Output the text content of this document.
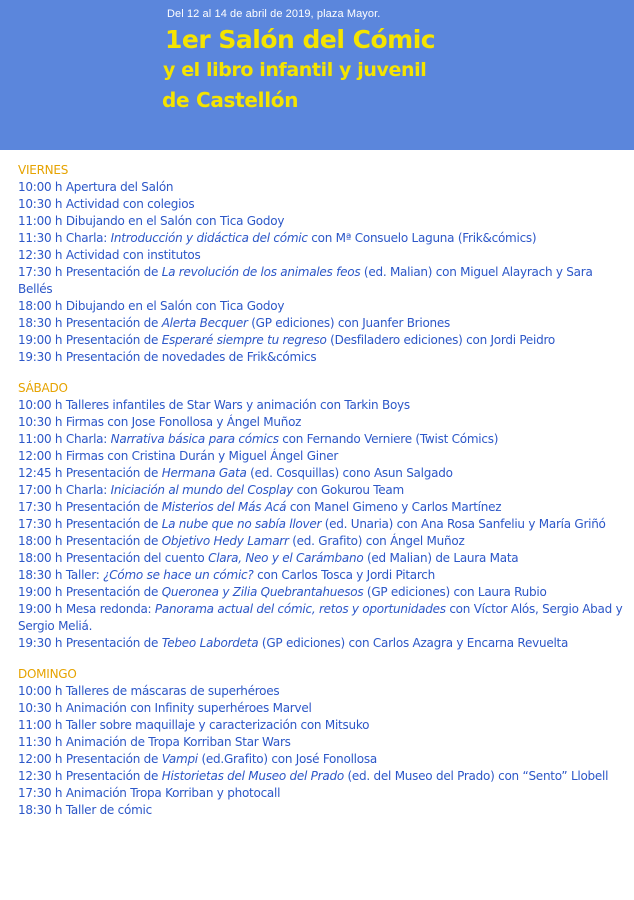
Del 12 al 14 de abril de 2019, plaza Mayor.
1er Salón del Cómic
y el libro infantil y juvenil
de Castellón
VIERNES
10:00 h Apertura del Salón
10:30 h Actividad con colegios
11:00 h Dibujando en el Salón con Tica Godoy
11:30 h Charla: Introducción y didáctica del cómic con Mª Consuelo Laguna (Frik&cómics)
12:30 h Actividad con institutos
17:30 h Presentación de La revolución de los animales feos (ed. Malian) con Miguel Alayrach y Sara Bellés
18:00 h Dibujando en el Salón con Tica Godoy
18:30 h Presentación de Alerta Becquer (GP ediciones) con Juanfer Briones
19:00 h Presentación de Esperaré siempre tu regreso (Desfiladero ediciones) con Jordi Peidro
19:30 h Presentación de novedades de Frik&cómics
SÁBADO
10:00 h Talleres infantiles de Star Wars y animación con Tarkin Boys
10:30 h Firmas con Jose Fonollosa y Ángel Muñoz
11:00 h Charla: Narrativa básica para cómics con Fernando Verniere (Twist Cómics)
12:00 h Firmas con Cristina Durán y Miguel Ángel Giner
12:45 h Presentación de Hermana Gata (ed. Cosquillas) cono Asun Salgado
17:00 h Charla: Iniciación al mundo del Cosplay con Gokurou Team
17:30 h Presentación de Misterios del Más Acá con Manel Gimeno y Carlos Martínez
17:30 h Presentación de La nube que no sabía llover (ed. Unaria) con Ana Rosa Sanfeliu y María Griñó
18:00 h Presentación de Objetivo Hedy Lamarr (ed. Grafito) con Ángel Muñoz
18:00 h Presentación del cuento Clara, Neo y el Carámbano (ed Malian) de Laura Mata
18:30 h Taller: ¿Cómo se hace un cómic? con Carlos Tosca y Jordi Pitarch
19:00 h Presentación de Queronea y Zilia Quebrantahuesos (GP ediciones) con Laura Rubio
19:00 h Mesa redonda: Panorama actual del cómic, retos y oportunidades con Víctor Alós, Sergio Abad y Sergio Meliá.
19:30 h Presentación de Tebeo Labordeta (GP ediciones) con Carlos Azagra y Encarna Revuelta
DOMINGO
10:00 h Talleres de máscaras de superhéroes
10:30 h Animación con Infinity superhéroes Marvel
11:00 h Taller sobre maquillaje y caracterización con Mitsuko
11:30 h Animación de Tropa Korriban Star Wars
12:00 h Presentación de Vampi (ed.Grafito) con José Fonollosa
12:30 h Presentación de Historietas del Museo del Prado (ed. del Museo del Prado) con “Sento” Llobell
17:30 h Animación Tropa Korriban y photocall
18:30 h Taller de cómic
